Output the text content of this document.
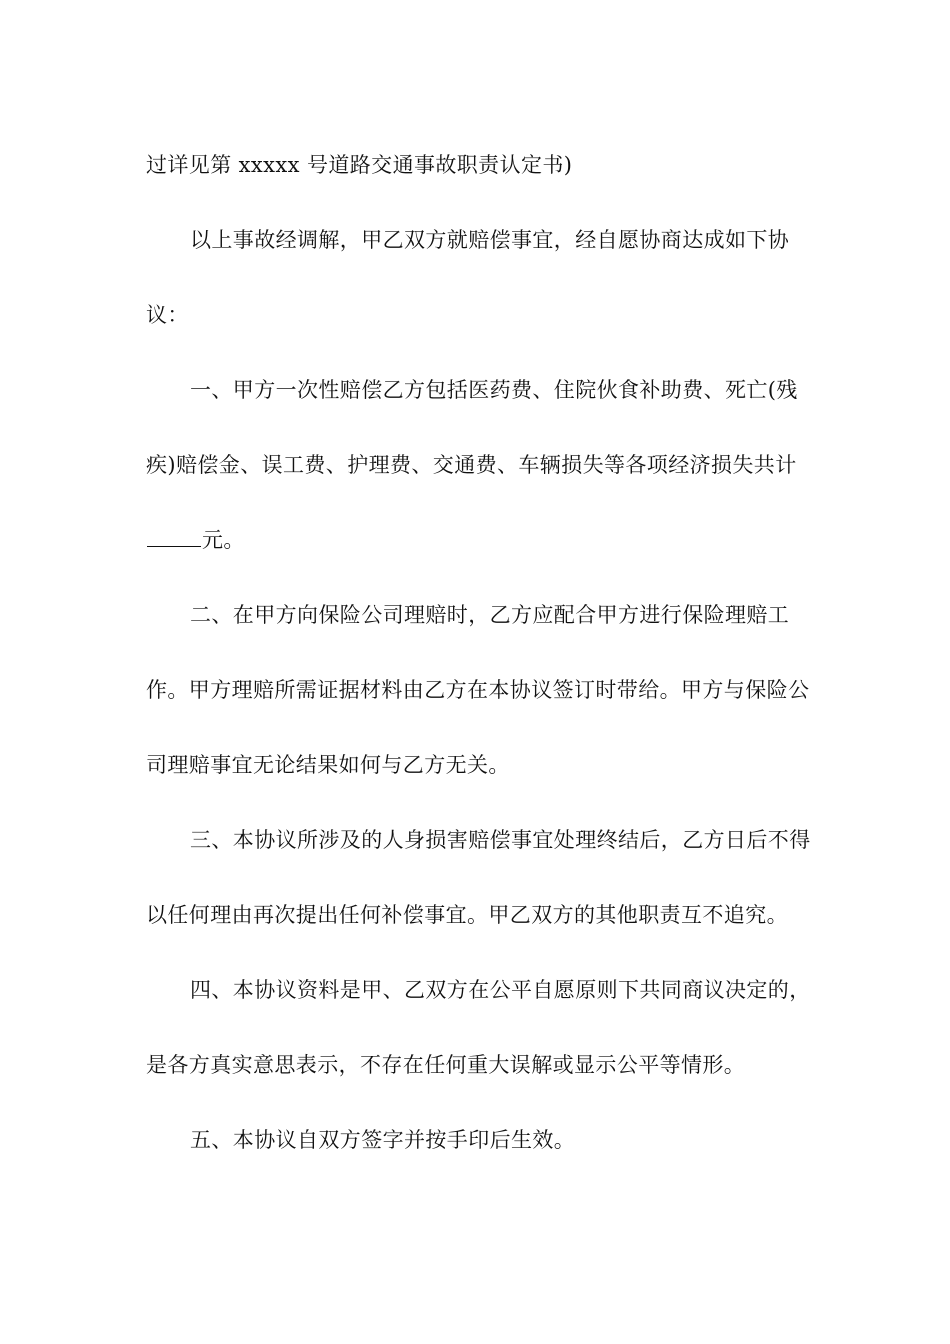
过详见第 xxxxx 号道路交通事故职责认定书)

以上事故经调解，甲乙双方就赔偿事宜，经自愿协商达成如下协议：

一、甲方一次性赔偿乙方包括医药费、住院伙食补助费、死亡(残疾)赔偿金、误工费、护理费、交通费、车辆损失等各项经济损失共计元。

二、在甲方向保险公司理赔时，乙方应配合甲方进行保险理赔工作。甲方理赔所需证据材料由乙方在本协议签订时带给。甲方与保险公司理赔事宜无论结果如何与乙方无关。

三、本协议所涉及的人身损害赔偿事宜处理终结后，乙方日后不得以任何理由再次提出任何补偿事宜。甲乙双方的其他职责互不追究。

四、本协议资料是甲、乙双方在公平自愿原则下共同商议决定的，是各方真实意思表示，不存在任何重大误解或显示公平等情形。

五、本协议自双方签字并按手印后生效。
